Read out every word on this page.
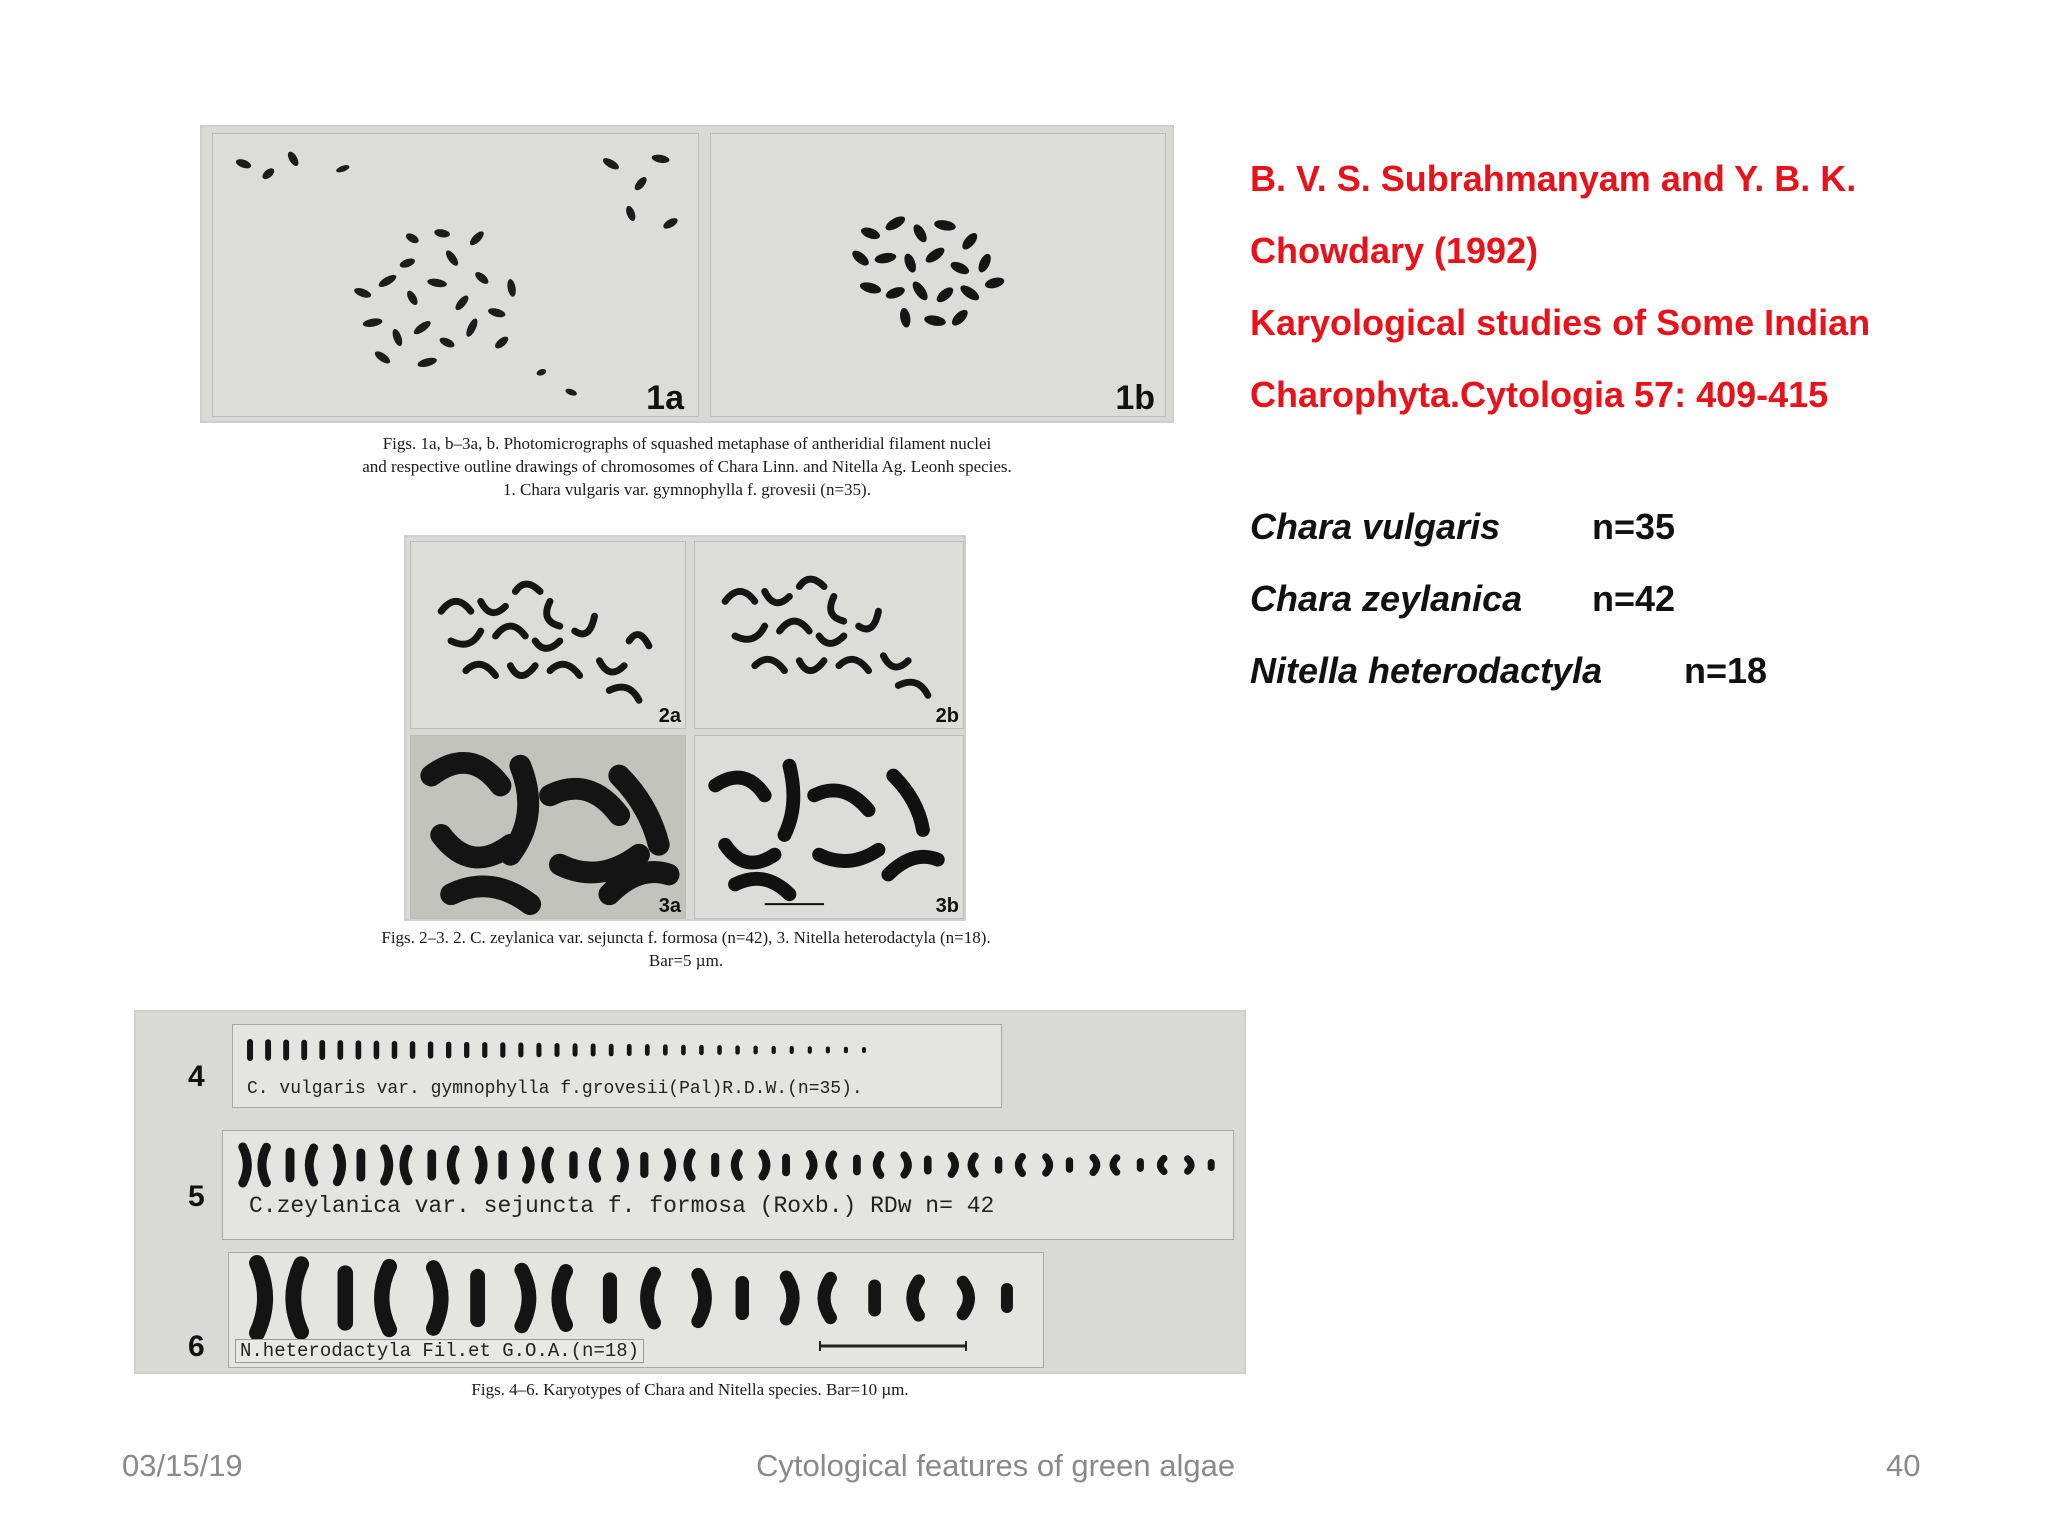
1a	1b
Figs. 1a, b–3a, b. Photomicrographs of squashed metaphase of antheridial filament nuclei
and respective outline drawings of chromosomes of Chara Linn. and Nitella Ag. Leonh species.
1. Chara vulgaris var. gymnophylla f. grovesii (n=35).
2a	2b
3a	3b
Figs. 2–3. 2. C. zeylanica var. sejuncta f. formosa (n=42), 3. Nitella heterodactyla (n=18).
Bar=5 µm.
4 C. vulgaris var. gymnophylla f.grovesii(Pal)R.D.W.(n=35).
5 C.zeylanica var. sejuncta f. formosa (Roxb.) RDw n= 42
6 N.heterodactyla Fil.et G.O.A.(n=18)
Figs. 4–6. Karyotypes of Chara and Nitella species. Bar=10 µm.
B. V. S. Subrahmanyam and Y. B. K.
Chowdary (1992)
Karyological studies of Some Indian
Charophyta.Cytologia 57: 409-415
Chara vulgaris	n=35
Chara zeylanica n=42
Nitella heterodactyla n=18
03/15/19	Cytological features of green algae	40
